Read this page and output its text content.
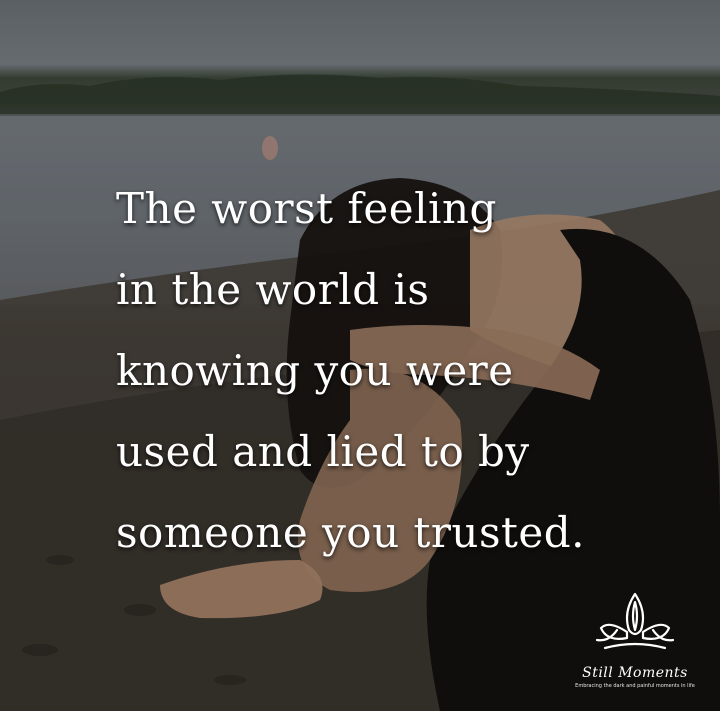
The worst feeling
in the world is
knowing you were
used and lied to by
someone you trusted.

Still Moments
Embracing the dark and painful moments in life
